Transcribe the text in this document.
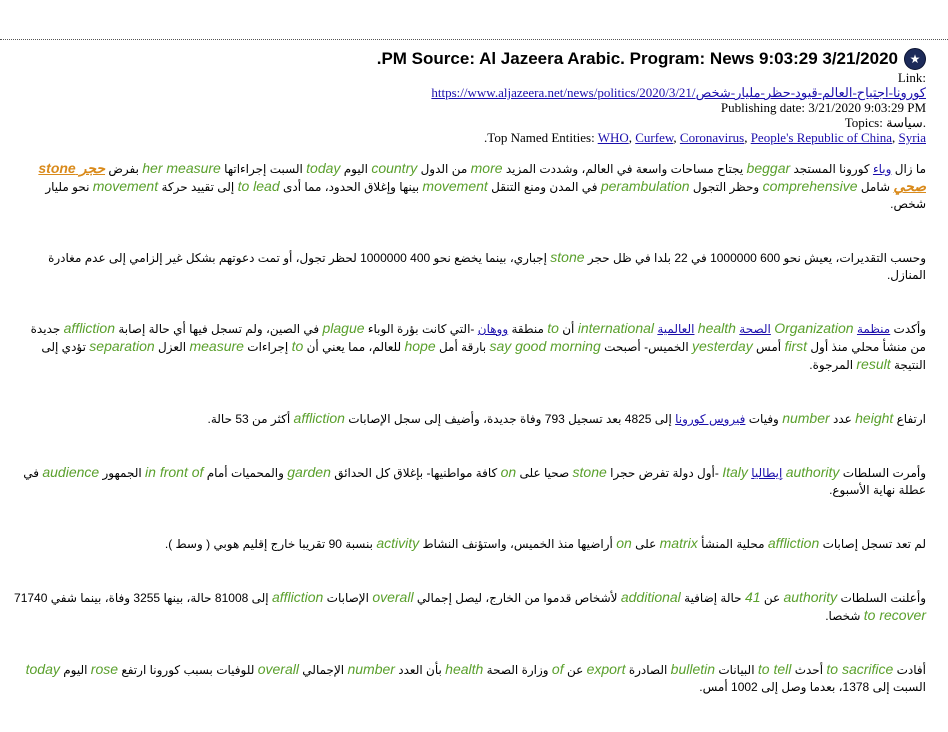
.PM Source: Al Jazeera Arabic. Program: News 9:03:29 3/21/2020 ★
Link:
https://www.aljazeera.net/news/politics/2020/3/21/كورونا-اجتياح-العالم-قيود-حظر-مليار-شخص
Publishing date: 3/21/2020 9:03:29 PM
Topics: سياسة.
.Top Named Entities: WHO, Curfew, Coronavirus, People's Republic of China, Syria
ما زال وباء كورونا المستجد beggar يجتاح مساحات واسعة في العالم، وشددت المزيد more من الدول country اليوم today السبت إجراءاتها her measure بفرض حجر stone صحي شامل comprehensive وحظر التجول perambulation في المدن ومنع التنقل movement بينها وإغلاق الحدود، مما أدى to lead إلى تقييد حركة movement نحو مليار شخص.
وحسب التقديرات، يعيش نحو 600 1000000 في 22 بلدا في ظل حجر stone إجباري، بينما يخضع نحو 400 1000000 لحظر تجول، أو تمت دعوتهم بشكل غير إلزامي إلى عدم مغادرة المنازل.
وأكدت منظمة Organization الصحة health العالمية international أن to منطقة ووهان -التي كانت بؤرة الوباء plague في الصين، ولم تسجل فيها أي حالة إصابة affliction جديدة من منشأ محلي منذ أول first أمس yesterday الخميس- أصبحت say good morning بارقة أمل hope للعالم، مما يعني أن to إجراءات measure العزل separation تؤدي إلى النتيجة result المرجوة.
ارتفاع height عدد number وفيات فيروس كورونا إلى 4825 بعد تسجيل 793 وفاة جديدة، وأضيف إلى سجل الإصابات affliction أكثر من 53 حالة.
وأمرت السلطات authority إيطاليا Italy -أول دولة تفرض حجرا stone صحيا على on كافة مواطنيها- بإغلاق كل الحدائق garden والمحميات أمام in front of الجمهور audience في عطلة نهاية الأسبوع.
لم تعد تسجل إصابات affliction محلية المنشأ matrix على on أراضيها منذ الخميس، واستؤنف النشاط activity بنسبة 90 تقريبا خارج إقليم هوبي ( وسط ).
وأعلنت السلطات authority عن 41 حالة إضافية additional لأشخاص قدموا من الخارج، ليصل إجمالي overall الإصابات affliction إلى 81008 حالة، بينها 3255 وفاة، بينما شفي 71740 to recover شخصا.
أفادت to sacrifice أحدث to tell البيانات bulletin الصادرة export عن of وزارة الصحة health بأن العدد number الإجمالي overall للوفيات بسبب كورونا ارتفع rose اليوم today السبت إلى 1378، بعدما وصل إلى 1002 أمس.
